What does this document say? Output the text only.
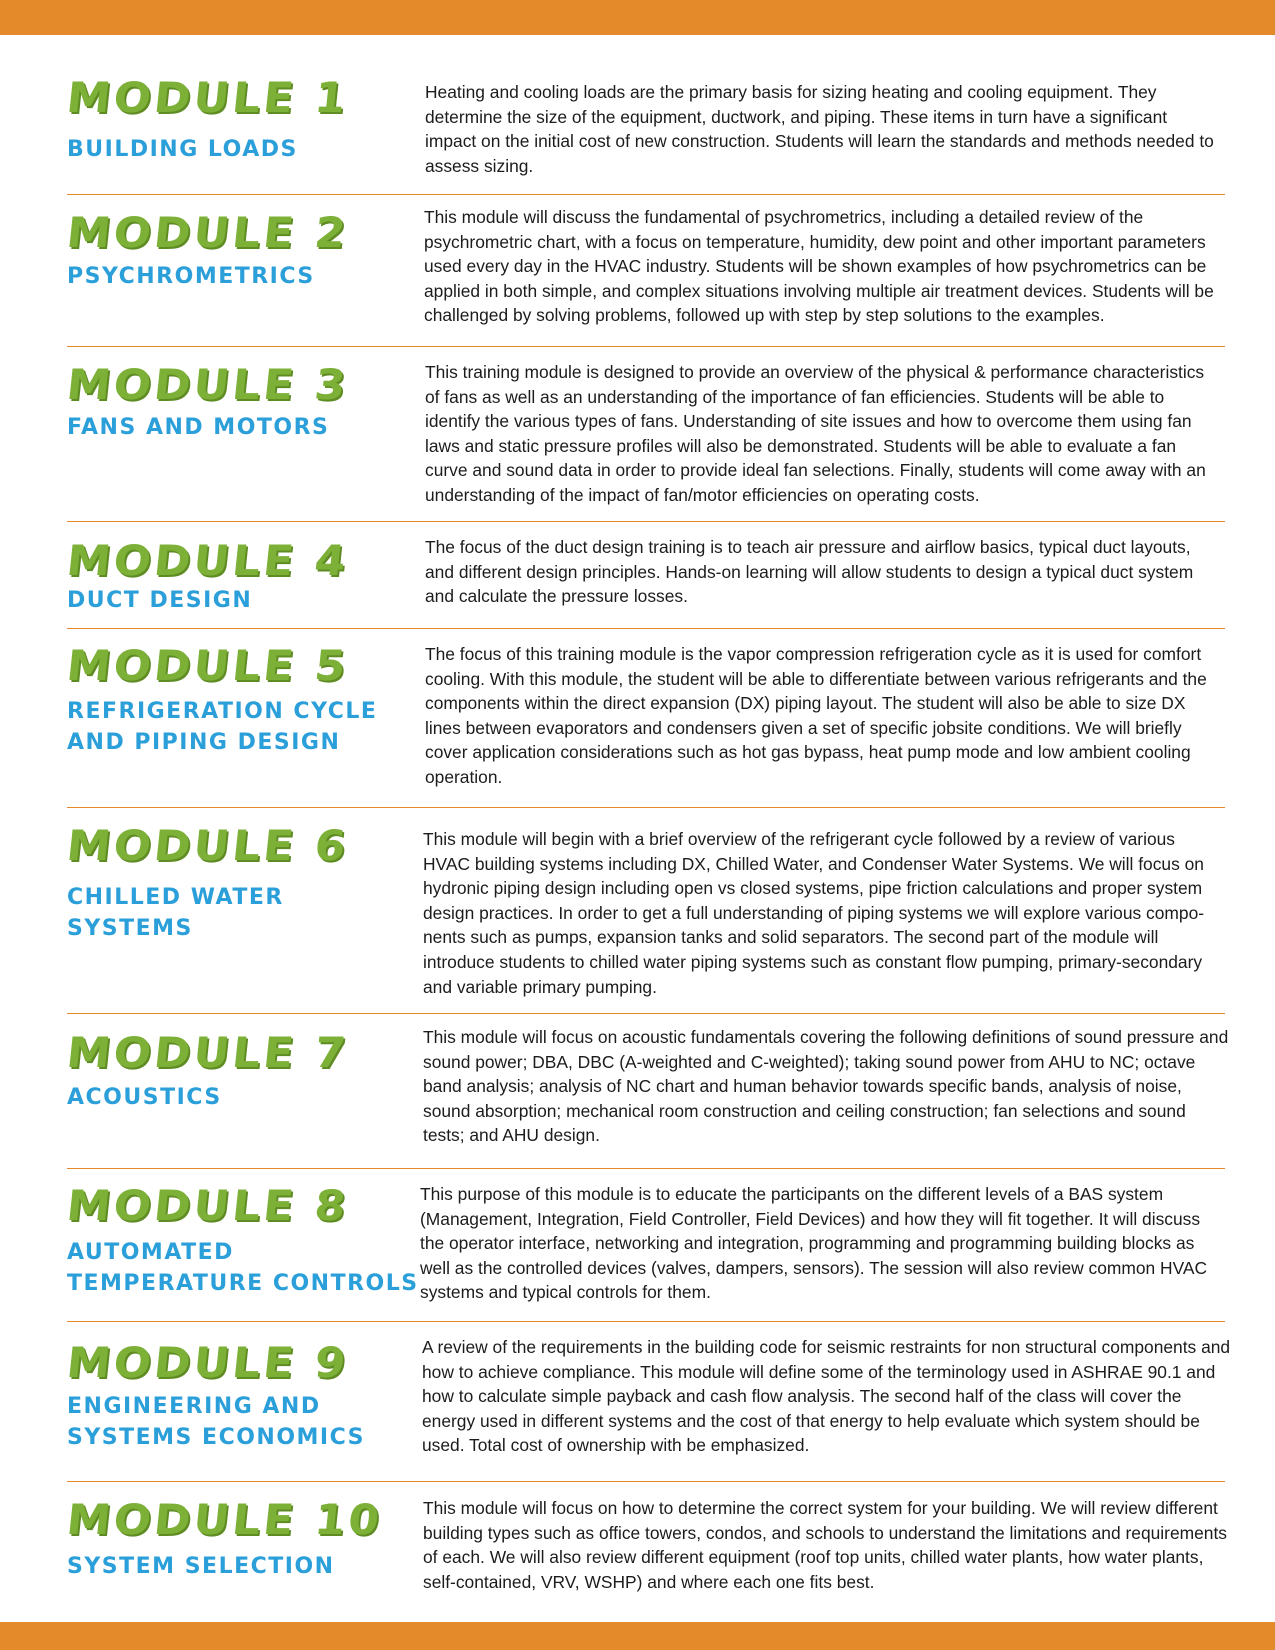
MODULE 1
BUILDING LOADS

Heating and cooling loads are the primary basis for sizing heating and cooling equipment. They determine the size of the equipment, ductwork, and piping. These items in turn have a significant impact on the initial cost of new construction. Students will learn the standards and methods needed to assess sizing.

MODULE 2
PSYCHROMETRICS

This module will discuss the fundamental of psychrometrics, including a detailed review of the psychrometric chart, with a focus on temperature, humidity, dew point and other important parameters used every day in the HVAC industry. Students will be shown examples of how psychrometrics can be applied in both simple, and complex situations involving multiple air treatment devices. Students will be challenged by solving problems, followed up with step by step solutions to the examples.

MODULE 3
FANS AND MOTORS

This training module is designed to provide an overview of the physical & performance characteristics of fans as well as an understanding of the importance of fan efficiencies. Students will be able to identify the various types of fans. Understanding of site issues and how to overcome them using fan laws and static pressure profiles will also be demonstrated. Students will be able to evaluate a fan curve and sound data in order to provide ideal fan selections. Finally, students will come away with an understanding of the impact of fan/motor efficiencies on operating costs.

MODULE 4
DUCT DESIGN

The focus of the duct design training is to teach air pressure and airflow basics, typical duct layouts, and different design principles. Hands-on learning will allow students to design a typical duct system and calculate the pressure losses.

MODULE 5
REFRIGERATION CYCLE
AND PIPING DESIGN

The focus of this training module is the vapor compression refrigeration cycle as it is used for comfort cooling. With this module, the student will be able to differentiate between various refrigerants and the components within the direct expansion (DX) piping layout. The student will also be able to size DX lines between evaporators and condensers given a set of specific jobsite conditions. We will briefly cover application considerations such as hot gas bypass, heat pump mode and low ambient cooling operation.

MODULE 6
CHILLED WATER
SYSTEMS

This module will begin with a brief overview of the refrigerant cycle followed by a review of various HVAC building systems including DX, Chilled Water, and Condenser Water Systems. We will focus on hydronic piping design including open vs closed systems, pipe friction calculations and proper system design practices. In order to get a full understanding of piping systems we will explore various compo-nents such as pumps, expansion tanks and solid separators. The second part of the module will introduce students to chilled water piping systems such as constant flow pumping, primary-secondary and variable primary pumping.

MODULE 7
ACOUSTICS

This module will focus on acoustic fundamentals covering the following definitions of sound pressure and sound power; DBA, DBC (A-weighted and C-weighted); taking sound power from AHU to NC; octave band analysis; analysis of NC chart and human behavior towards specific bands, analysis of noise, sound absorption; mechanical room construction and ceiling construction; fan selections and sound tests; and AHU design.

MODULE 8
AUTOMATED
TEMPERATURE CONTROLS

This purpose of this module is to educate the participants on the different levels of a BAS system (Management, Integration, Field Controller, Field Devices) and how they will fit together. It will discuss the operator interface, networking and integration, programming and programming building blocks as well as the controlled devices (valves, dampers, sensors). The session will also review common HVAC systems and typical controls for them.

MODULE 9
ENGINEERING AND
SYSTEMS ECONOMICS

A review of the requirements in the building code for seismic restraints for non structural components and how to achieve compliance. This module will define some of the terminology used in ASHRAE 90.1 and how to calculate simple payback and cash flow analysis. The second half of the class will cover the energy used in different systems and the cost of that energy to help evaluate which system should be used. Total cost of ownership with be emphasized.

MODULE 10
SYSTEM SELECTION

This module will focus on how to determine the correct system for your building. We will review different building types such as office towers, condos, and schools to understand the limitations and requirements of each. We will also review different equipment (roof top units, chilled water plants, how water plants, self-contained, VRV, WSHP) and where each one fits best.
